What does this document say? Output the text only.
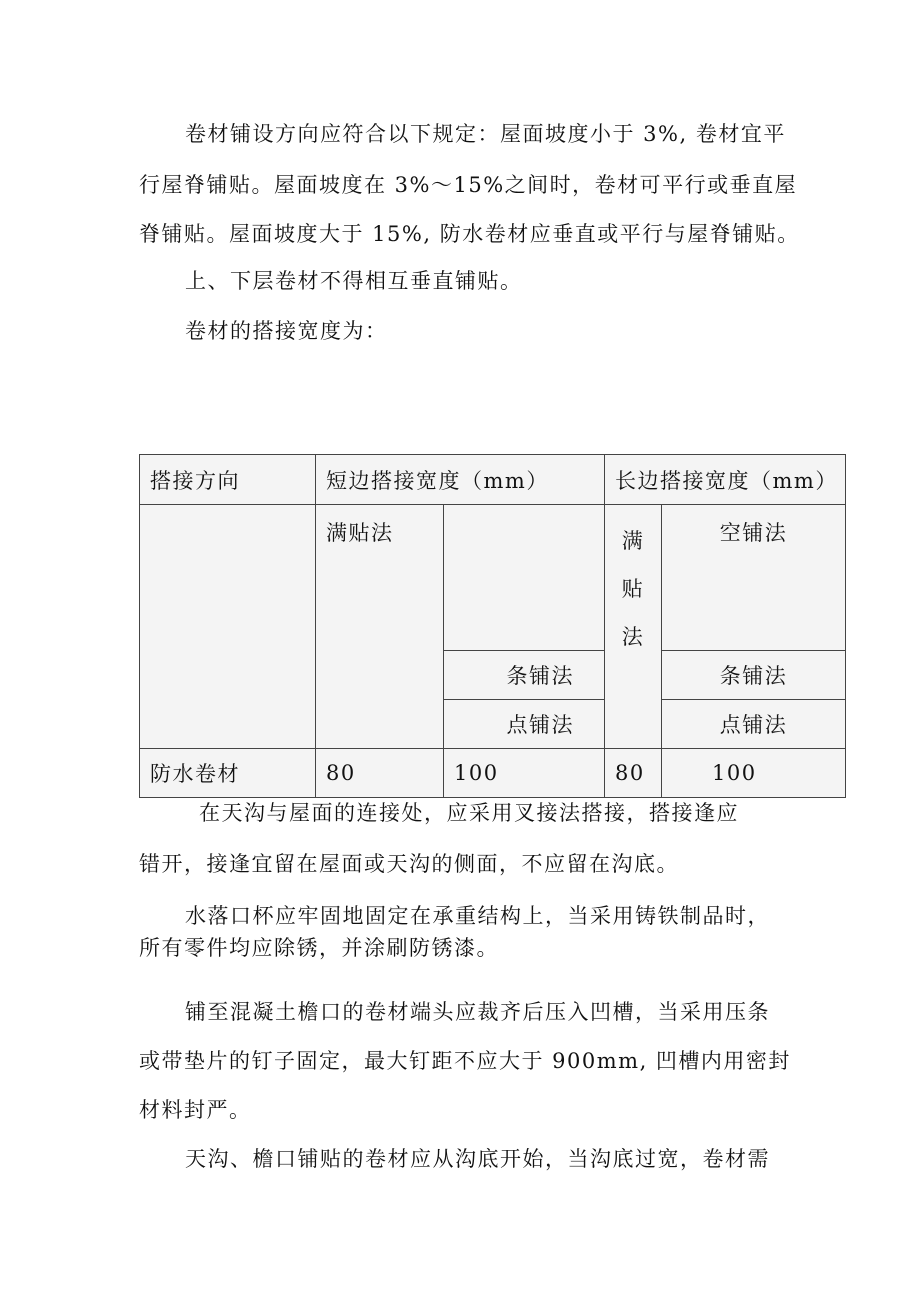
卷材铺设方向应符合以下规定：屋面坡度小于 3%, 卷材宜平
行屋脊铺贴。屋面坡度在 3%～15%之间时，卷材可平行或垂直屋
脊铺贴。屋面坡度大于 15%, 防水卷材应垂直或平行与屋脊铺贴。
上、下层卷材不得相互垂直铺贴。
卷材的搭接宽度为：
搭接方向	短边搭接宽度（mm）		长边搭接宽度（mm）	
	满贴法		满贴法	空铺法
		条铺法		条铺法
		点铺法		点铺法
防水卷材	80	100	80	100
在天沟与屋面的连接处，应采用叉接法搭接，搭接逢应
错开，接逢宜留在屋面或天沟的侧面，不应留在沟底。
水落口杯应牢固地固定在承重结构上，当采用铸铁制品时，
所有零件均应除锈，并涂刷防锈漆。
铺至混凝土檐口的卷材端头应裁齐后压入凹槽，当采用压条
或带垫片的钉子固定，最大钉距不应大于 900mm, 凹槽内用密封
材料封严。
天沟、檐口铺贴的卷材应从沟底开始，当沟底过宽，卷材需
